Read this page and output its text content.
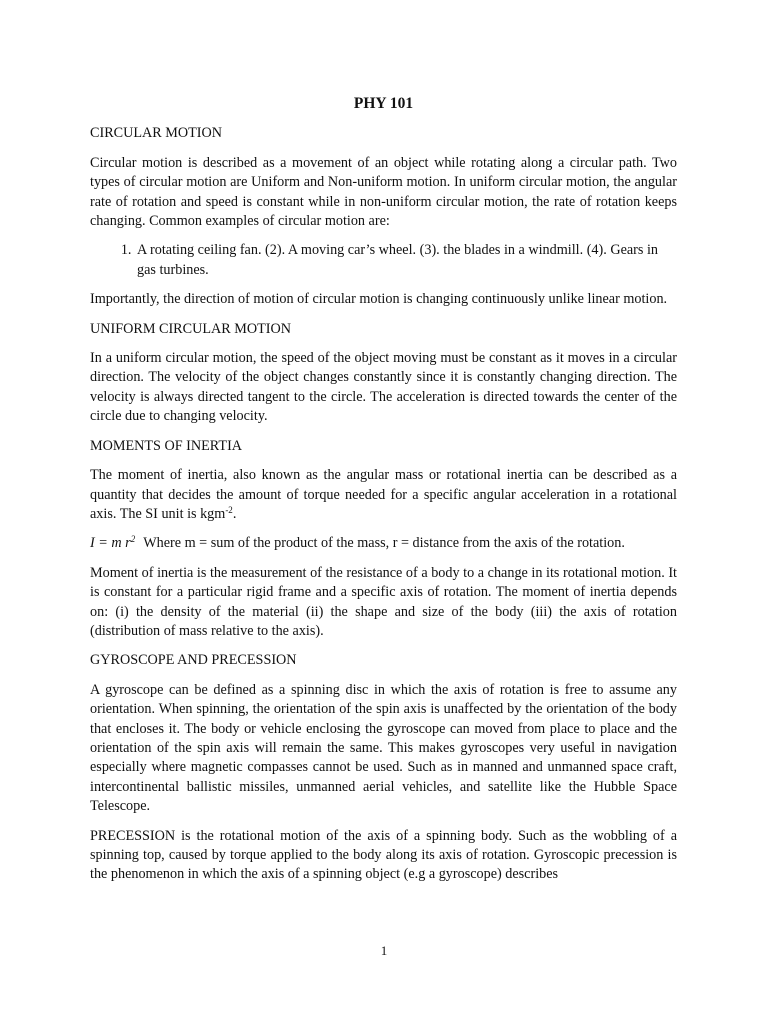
PHY 101
CIRCULAR MOTION

Circular motion is described as a movement of an object while rotating along a circular path. Two types of circular motion are Uniform and Non-uniform motion. In uniform circular motion, the angular rate of rotation and speed is constant while in non-uniform circular motion, the rate of rotation keeps changing. Common examples of circular motion are:

1. A rotating ceiling fan. (2). A moving car’s wheel. (3). the blades in a windmill. (4). Gears in gas turbines.

Importantly, the direction of motion of circular motion is changing continuously unlike linear motion.

UNIFORM CIRCULAR MOTION

In a uniform circular motion, the speed of the object moving must be constant as it moves in a circular direction. The velocity of the object changes constantly since it is constantly changing direction. The velocity is always directed tangent to the circle. The acceleration is directed towards the center of the circle due to changing velocity.

MOMENTS OF INERTIA

The moment of inertia, also known as the angular mass or rotational inertia can be described as a quantity that decides the amount of torque needed for a specific angular acceleration in a rotational axis. The SI unit is kgm$^{-2}$.

I = m $r^2$ Where m = sum of the product of the mass, r = distance from the axis of the rotation.

Moment of inertia is the measurement of the resistance of a body to a change in its rotational motion. It is constant for a particular rigid frame and a specific axis of rotation. The moment of inertia depends on: (i) the density of the material (ii) the shape and size of the body (iii) the axis of rotation (distribution of mass relative to the axis).

GYROSCOPE AND PRECESSION

A gyroscope can be defined as a spinning disc in which the axis of rotation is free to assume any orientation. When spinning, the orientation of the spin axis is unaffected by the orientation of the body that encloses it. The body or vehicle enclosing the gyroscope can moved from place to place and the orientation of the spin axis will remain the same. This makes gyroscopes very useful in navigation especially where magnetic compasses cannot be used. Such as in manned and unmanned space craft, intercontinental ballistic missiles, unmanned aerial vehicles, and satellite like the Hubble Space Telescope.

PRECESSION is the rotational motion of the axis of a spinning body. Such as the wobbling of a spinning top, caused by torque applied to the body along its axis of rotation. Gyroscopic precession is the phenomenon in which the axis of a spinning object (e.g a gyroscope) describes

1
